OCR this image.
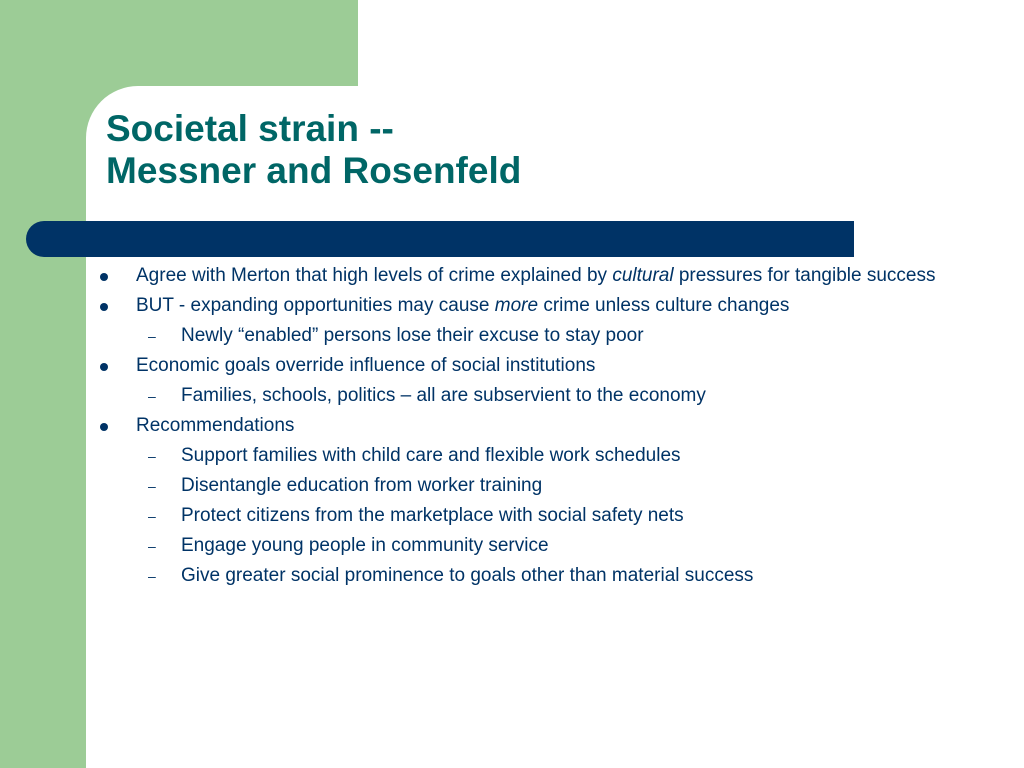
Societal strain --
Messner and Rosenfeld
Agree with Merton that high levels of crime explained by cultural pressures for tangible success
BUT - expanding opportunities may cause more crime unless culture changes
– Newly “enabled” persons lose their excuse to stay poor
Economic goals override influence of social institutions
– Families, schools, politics – all are subservient to the economy
Recommendations
– Support families with child care and flexible work schedules
– Disentangle education from worker training
– Protect citizens from the marketplace with social safety nets
– Engage young people in community service
– Give greater social prominence to goals other than material success
